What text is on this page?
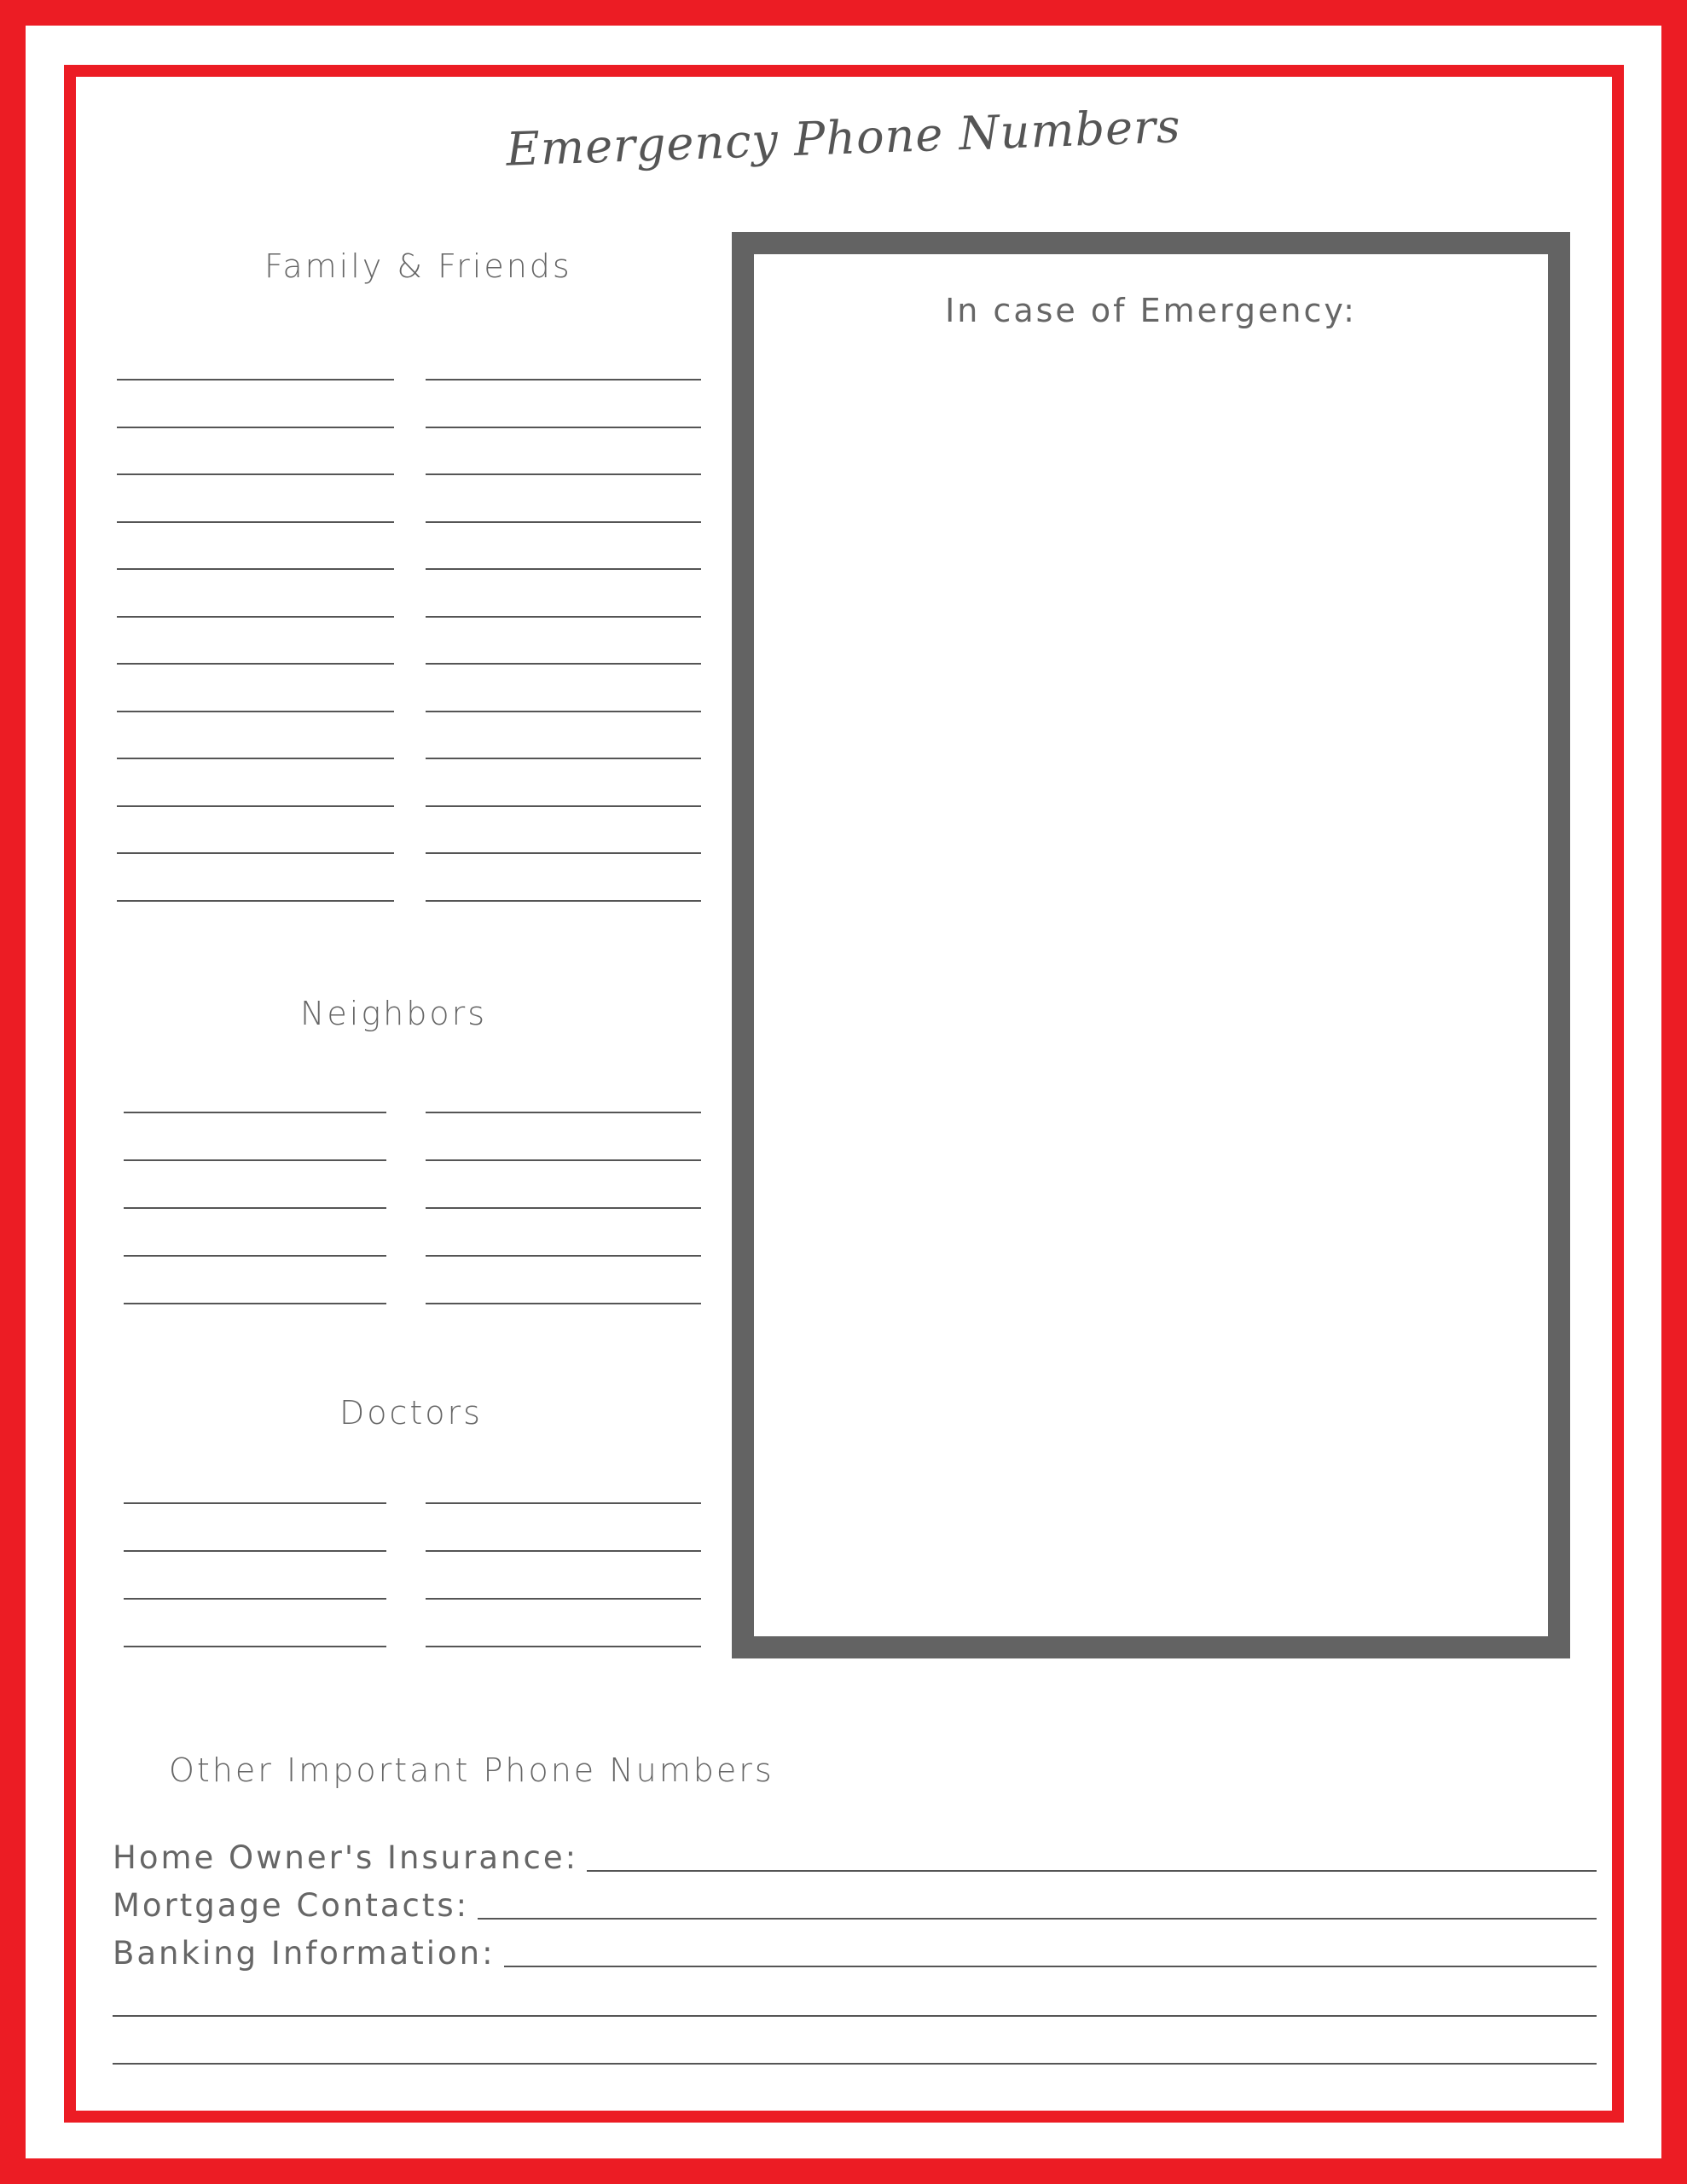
Emergency Phone Numbers
Family & Friends
Neighbors
Doctors
In case of Emergency:
Other Important Phone Numbers
Home Owner's Insurance:
Mortgage Contacts:
Banking Information:
